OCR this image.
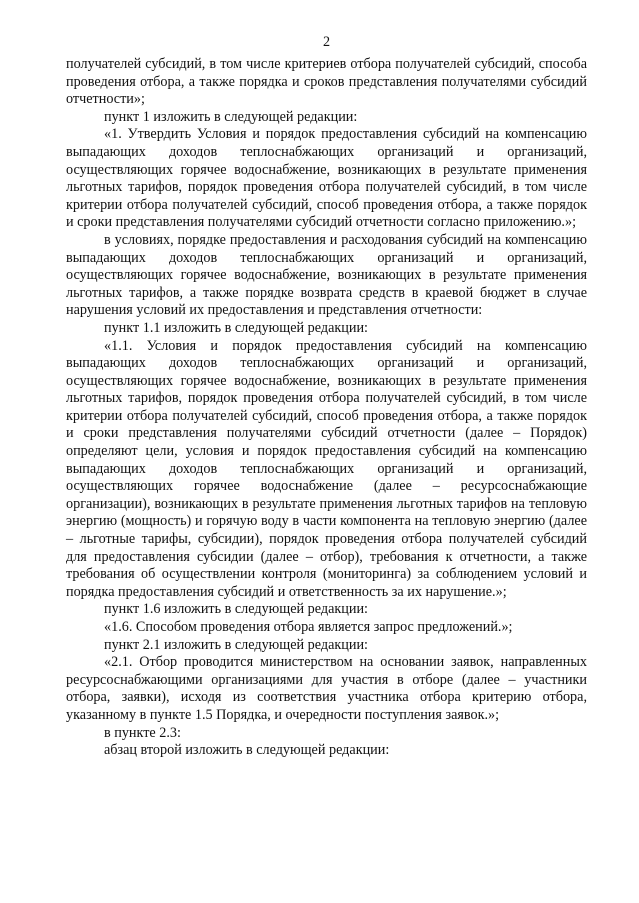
2

получателей субсидий, в том числе критериев отбора получателей субсидий, способа проведения отбора, а также порядка и сроков представления получателями субсидий отчетности»;

пункт 1 изложить в следующей редакции:

«1. Утвердить Условия и порядок предоставления субсидий на компенсацию выпадающих доходов теплоснабжающих организаций и организаций, осуществляющих горячее водоснабжение, возникающих в результате применения льготных тарифов, порядок проведения отбора получателей субсидий, в том числе критерии отбора получателей субсидий, способ проведения отбора, а также порядок и сроки представления получателями субсидий отчетности согласно приложению.»;

в условиях, порядке предоставления и расходования субсидий на компенсацию выпадающих доходов теплоснабжающих организаций и организаций, осуществляющих горячее водоснабжение, возникающих в результате применения льготных тарифов, а также порядке возврата средств в краевой бюджет в случае нарушения условий их предоставления и представления отчетности:

пункт 1.1 изложить в следующей редакции:

«1.1. Условия и порядок предоставления субсидий на компенсацию выпадающих доходов теплоснабжающих организаций и организаций, осуществляющих горячее водоснабжение, возникающих в результате применения льготных тарифов, порядок проведения отбора получателей субсидий, в том числе критерии отбора получателей субсидий, способ проведения отбора, а также порядок и сроки представления получателями субсидий отчетности (далее – Порядок) определяют цели, условия и порядок предоставления субсидий на компенсацию выпадающих доходов теплоснабжающих организаций и организаций, осуществляющих горячее водоснабжение (далее – ресурсоснабжающие организации), возникающих в результате применения льготных тарифов на тепловую энергию (мощность) и горячую воду в части компонента на тепловую энергию (далее – льготные тарифы, субсидии), порядок проведения отбора получателей субсидий для предоставления субсидии (далее – отбор), требования к отчетности, а также требования об осуществлении контроля (мониторинга) за соблюдением условий и порядка предоставления субсидий и ответственность за их нарушение.»;

пункт 1.6 изложить в следующей редакции:

«1.6. Способом проведения отбора является запрос предложений.»;

пункт 2.1 изложить в следующей редакции:

«2.1. Отбор проводится министерством на основании заявок, направленных ресурсоснабжающими организациями для участия в отборе (далее – участники отбора, заявки), исходя из соответствия участника отбора критерию отбора, указанному в пункте 1.5 Порядка, и очередности поступления заявок.»;

в пункте 2.3:

абзац второй изложить в следующей редакции:
